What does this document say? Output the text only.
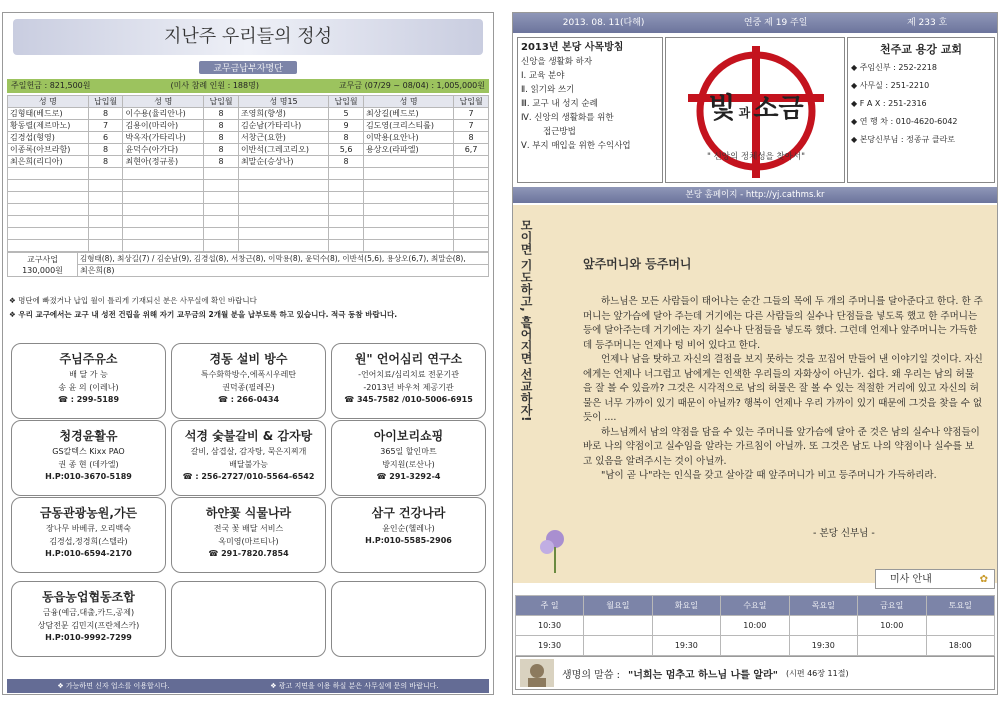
지난주 우리들의 정성
교무금납부자명단
주일헌금 : 821,500원	(미사 참례 인원 : 188명)	교무금 (07/29 ~ 08/04) : 1,005,000원
성 명	납입월	성 명	납입월	성 명15	납입월	성 명	납입월
김형태(베드로)	8	이수용(율리안나)	8	조영희(향생)	5	최상길(베드로)	7
황동렬(제르마노)	7	김용이(마리아)	8	김순남(가타리나)	9	김도영(크리스티롤)	7
김경섭(형영)	6	박옥자(가타리나)	8	서창근(요한)	8	이막용(요안나)	8
이종록(아브라함)	8	윤덕수(아가다)	8	이반석(그레고리오)	5,6	용상오(라파엘)	6,7
최은희(리디아)	8	최현아(정규롱)	8	최말순(승상나)	8		

교구사업
130,000원
	김형태(8), 최상길(7) / 김순남(9), 김경섭(8), 서창근(8), 이막용(8), 윤덕수(8), 이반석(5,6), 용상오(6,7), 최말순(8),
최은희(8)
❖ 명단에 빠졌거나 납입 월이 틀리게 기재되신 분은 사무실에 확인 바랍니다
❖ 우리 교구에서는 교구 내 성전 건립을 위해 자기 교무금의 2개월 분을 납부토록 하고 있습니다. 적극 동참 바랍니다.
주님주유소
배 달 가 능
송 윤 의 (이레나)
☎ : 299-5189
경동 설비 방수
특수화학방수,에폭시우레탄
권덕종(필레몬)
☎ : 266-0434
원" 언어심리 연구소
-언어치료/심리치료 전문기관
-2013년 바우처 제공기관
☎ 345-7582 /010-5006-6915
청경윤활유
GS칼텍스 Kixx PAO
권 종 현 (데카엘)
H.P:010-3670-5189
석경 숯불갈비 & 감자탕
갈비, 삼겹살, 감자탕, 묵은지찌개
배달불가능
☎ : 256-2727/010-5564-6542
아이보리쇼핑
365일 할인마트
방지원(로산나)
☎ 291-3292-4
금동관광농원,가든
장나무 바베큐, 오리백숙
김경섭,정경희(스텔라)
H.P:010-6594-2170
하얀꽃 식물나라
전국 꽃 배달 서비스
옥미영(마르티나)
☎ 291-7820.7854
삼구 건강나라
윤인순(헬레나)
H.P:010-5585-2906
동읍농업협동조합
금융(예금,대출,카드,공제)
상담전문 김민지(프란체스카)
H.P:010-9992-7299
❖ 가능하면 신자 업소를 이용합시다.	❖ 광고 지면을 이용 하실 분은 사무실에 문의 바랍니다.
2013. 08. 11(다해)	연중 제 19 주일	제 233 호
2013년 본당 사목방침
신앙을 생활화 하자
Ⅰ. 교육 분야
Ⅱ. 읽기와 쓰기
Ⅲ. 교구 내 성지 순례
Ⅳ. 신앙의 생활화를 위한
접근방법
Ⅴ. 부지 매입을 위한 수익사업
빛 과 소금
" 신앙의 정체성을 찾아서"
천주교 용강 교회
◆ 주임신부 : 252-2218
◆ 사무실 : 251-2210
◆ F A X : 251-2316
◆ 연 행 차 : 010-4620-6042
◆ 본당신부님 : 정종규 클라로
본당 홈페이지 - http://yj.cathms.kr
모이면 기도하고, 흩어지면 선교하자!	앞주머니와 등주머니

하느님은 모든 사람들이 태어나는 순간 그들의 목에 두 개의 주머니를 달아준다고 한다. 한 주머니는 앞가슴에 달아 주는데 거기에는 다른 사람들의 실수나 단점들을 넣도록 했고 한 주머니는 등에 달아주는데 거기에는 자기 실수나 단점들을 넣도록 했다. 그런데 언제나 앞주머니는 가득한데 등주머니는 언제나 텅 비어 있다고 한다.

언제나 남을 탓하고 자신의 결점을 보지 못하는 것을 꼬집어 만들어 낸 이야기일 것이다. 자신에게는 언제나 너그럽고 남에게는 인색한 우리들의 자화상이 아닌가. 쉽다. 왜 우리는 남의 허물을 잘 볼 수 있을까? 그것은 시각적으로 남의 허물은 잘 볼 수 있는 적절한 거리에 있고 자신의 허물은 너무 가까이 있기 때문이 아닐까? 행복이 언제나 우리 가까이 있기 때문에 그것을 찾을 수 없듯이 ....

하느님께서 남의 약점을 담을 수 있는 주머니를 앞가슴에 달아 준 것은 남의 실수나 약점들이 바로 나의 약점이고 실수임을 알라는 가르침이 아닐까. 또 그것은 남도 나의 약점이나 실수를 보고 있음을 알려주시는 것이 아닐까.

"남이 곧 나"라는 인식을 갖고 살아갈 때 앞주머니가 비고 등주머니가 가득하리라.

- 본당 신부님 -
미사 안내	✿
주 일	월요일	화요일	수요일	목요일	금요일	토요일
10:30			10:00		10:00	
19:30		19:30		19:30		18:00
생명의 말씀 : "너희는 멈추고 하느님 나를 알라" (시편 46장 11절)
